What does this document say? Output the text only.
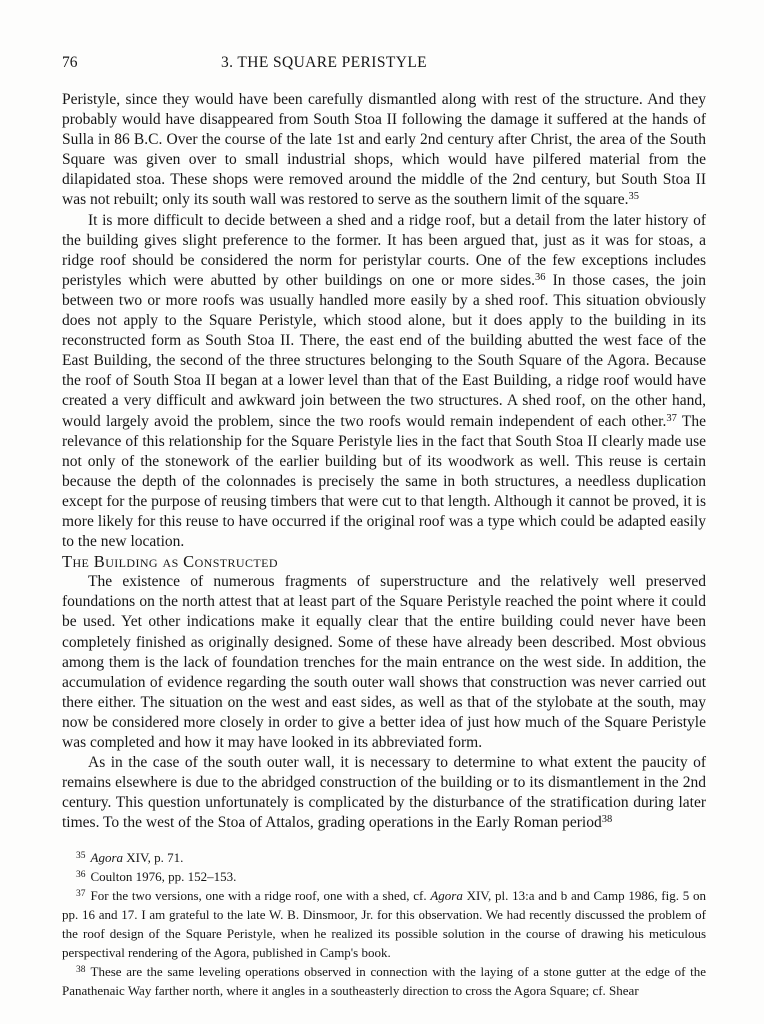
76	3. THE SQUARE PERISTYLE

Peristyle, since they would have been carefully dismantled along with rest of the structure. And they probably would have disappeared from South Stoa II following the damage it suffered at the hands of Sulla in 86 B.C. Over the course of the late 1st and early 2nd century after Christ, the area of the South Square was given over to small industrial shops, which would have pilfered material from the dilapidated stoa. These shops were removed around the middle of the 2nd century, but South Stoa II was not rebuilt; only its south wall was restored to serve as the southern limit of the square.$^{35}$

It is more difficult to decide between a shed and a ridge roof, but a detail from the later history of the building gives slight preference to the former. It has been argued that, just as it was for stoas, a ridge roof should be considered the norm for peristylar courts. One of the few exceptions includes peristyles which were abutted by other buildings on one or more sides.$^{36}$ In those cases, the join between two or more roofs was usually handled more easily by a shed roof. This situation obviously does not apply to the Square Peristyle, which stood alone, but it does apply to the building in its reconstructed form as South Stoa II. There, the east end of the building abutted the west face of the East Building, the second of the three structures belonging to the South Square of the Agora. Because the roof of South Stoa II began at a lower level than that of the East Building, a ridge roof would have created a very difficult and awkward join between the two structures. A shed roof, on the other hand, would largely avoid the problem, since the two roofs would remain independent of each other.$^{37}$ The relevance of this relationship for the Square Peristyle lies in the fact that South Stoa II clearly made use not only of the stonework of the earlier building but of its woodwork as well. This reuse is certain because the depth of the colonnades is precisely the same in both structures, a needless duplication except for the purpose of reusing timbers that were cut to that length. Although it cannot be proved, it is more likely for this reuse to have occurred if the original roof was a type which could be adapted easily to the new location.

The Building as Constructed

The existence of numerous fragments of superstructure and the relatively well preserved foundations on the north attest that at least part of the Square Peristyle reached the point where it could be used. Yet other indications make it equally clear that the entire building could never have been completely finished as originally designed. Some of these have already been described. Most obvious among them is the lack of foundation trenches for the main entrance on the west side. In addition, the accumulation of evidence regarding the south outer wall shows that construction was never carried out there either. The situation on the west and east sides, as well as that of the stylobate at the south, may now be considered more closely in order to give a better idea of just how much of the Square Peristyle was completed and how it may have looked in its abbreviated form.

As in the case of the south outer wall, it is necessary to determine to what extent the paucity of remains elsewhere is due to the abridged construction of the building or to its dismantlement in the 2nd century. This question unfortunately is complicated by the disturbance of the stratification during later times. To the west of the Stoa of Attalos, grading operations in the Early Roman period$^{38}$

$^{35}$ Agora XIV, p. 71.

$^{36}$ Coulton 1976, pp. 152–153.

$^{37}$ For the two versions, one with a ridge roof, one with a shed, cf. Agora XIV, pl. 13:a and b and Camp 1986, fig. 5 on pp. 16 and 17. I am grateful to the late W. B. Dinsmoor, Jr. for this observation. We had recently discussed the problem of the roof design of the Square Peristyle, when he realized its possible solution in the course of drawing his meticulous perspectival rendering of the Agora, published in Camp's book.

$^{38}$ These are the same leveling operations observed in connection with the laying of a stone gutter at the edge of the Panathenaic Way farther north, where it angles in a southeasterly direction to cross the Agora Square; cf. Shear
